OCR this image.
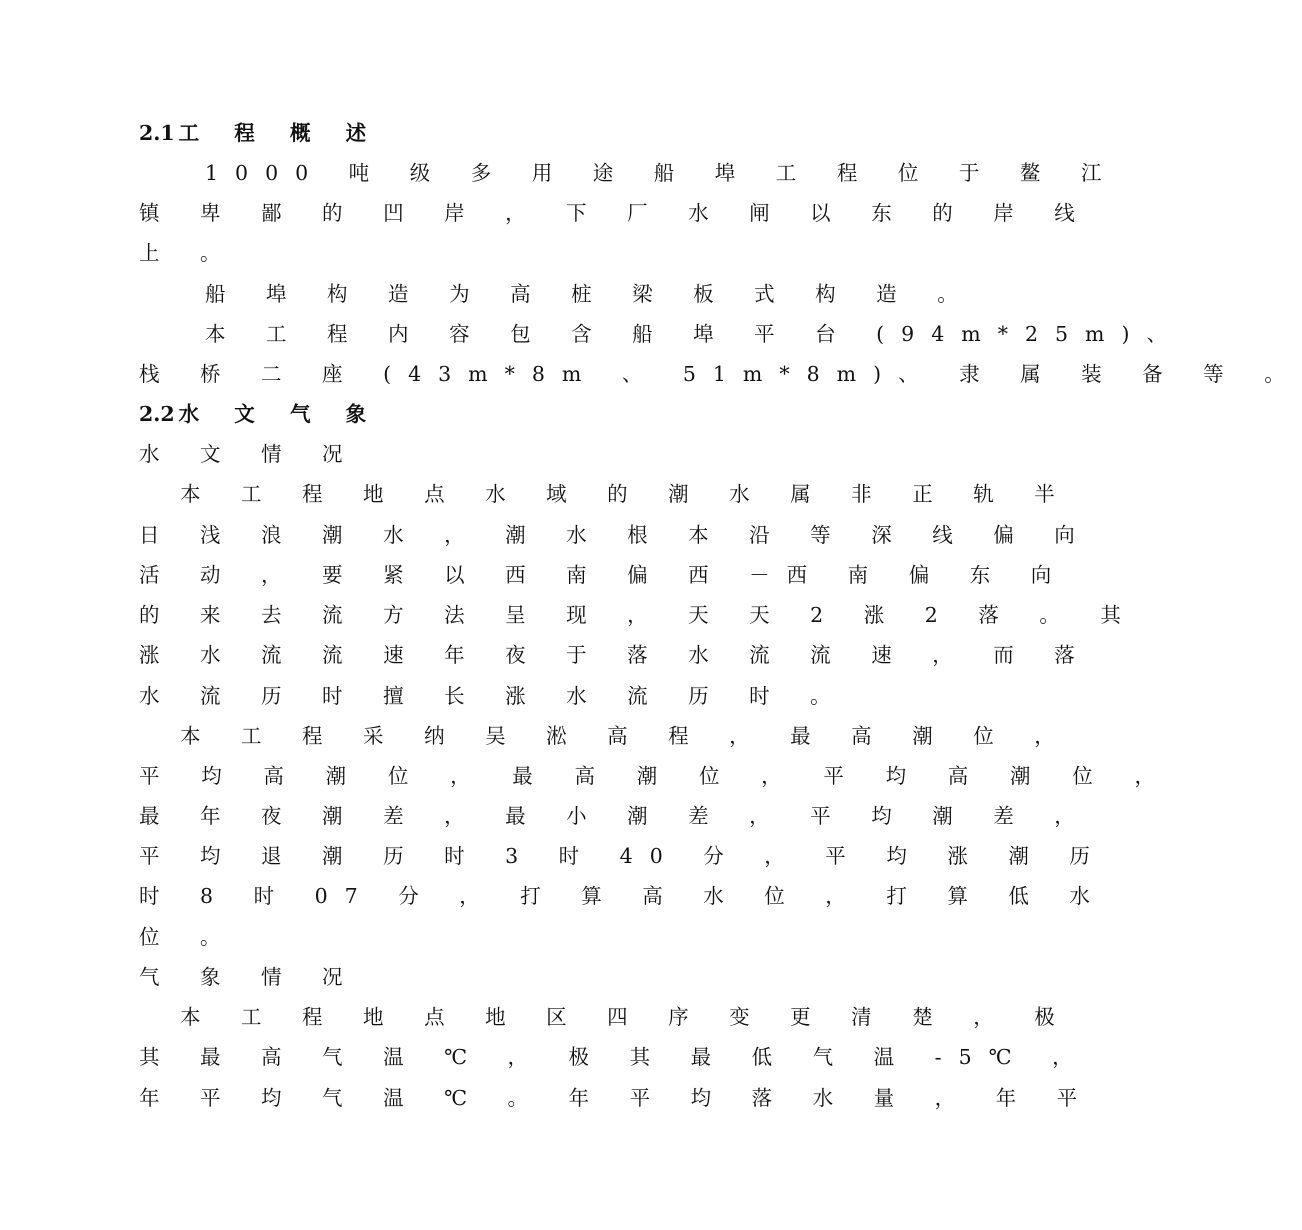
2.1 工 程 概 述
1000 吨 级 多 用 途 船 埠 工 程 位 于 鳌 江
镇 卑 鄙 的 凹 岸 ， 下 厂 水 闸 以 东 的 岸 线
上 。
船 埠 构 造 为 高 桩 梁 板 式 构 造 。
本 工 程 内 容 包 含 船 埠 平 台 (94m*25m)、
栈 桥 二 座 (43m*8m 、 51m*8m)、 隶 属 装 备 等 。
2.2 水 文 气 象
水 文 情 况
本 工 程 地 点 水 域 的 潮 水 属 非 正 轨 半
日 浅 浪 潮 水 ， 潮 水 根 本 沿 等 深 线 偏 向
活 动 ， 要 紧 以 西 南 偏 西 －西 南 偏 东 向
的 来 去 流 方 法 呈 现 ， 天 天 2 涨 2 落 。 其
涨 水 流 流 速 年 夜 于 落 水 流 流 速 ， 而 落
水 流 历 时 擅 长 涨 水 流 历 时 。
本 工 程 采 纳 吴 淞 高 程 ， 最 高 潮 位 ，
平 均 高 潮 位 ， 最 高 潮 位 ， 平 均 高 潮 位 ，
最 年 夜 潮 差 ， 最 小 潮 差 ， 平 均 潮 差 ，
平 均 退 潮 历 时 3 时 40 分 ， 平 均 涨 潮 历
时 8 时 07 分 ， 打 算 高 水 位 ， 打 算 低 水
位 。
气 象 情 况
本 工 程 地 点 地 区 四 序 变 更 清 楚 ， 极
其 最 高 气 温 ℃ ， 极 其 最 低 气 温 -5℃ ，
年 平 均 气 温 ℃ 。 年 平 均 落 水 量 ， 年 平
